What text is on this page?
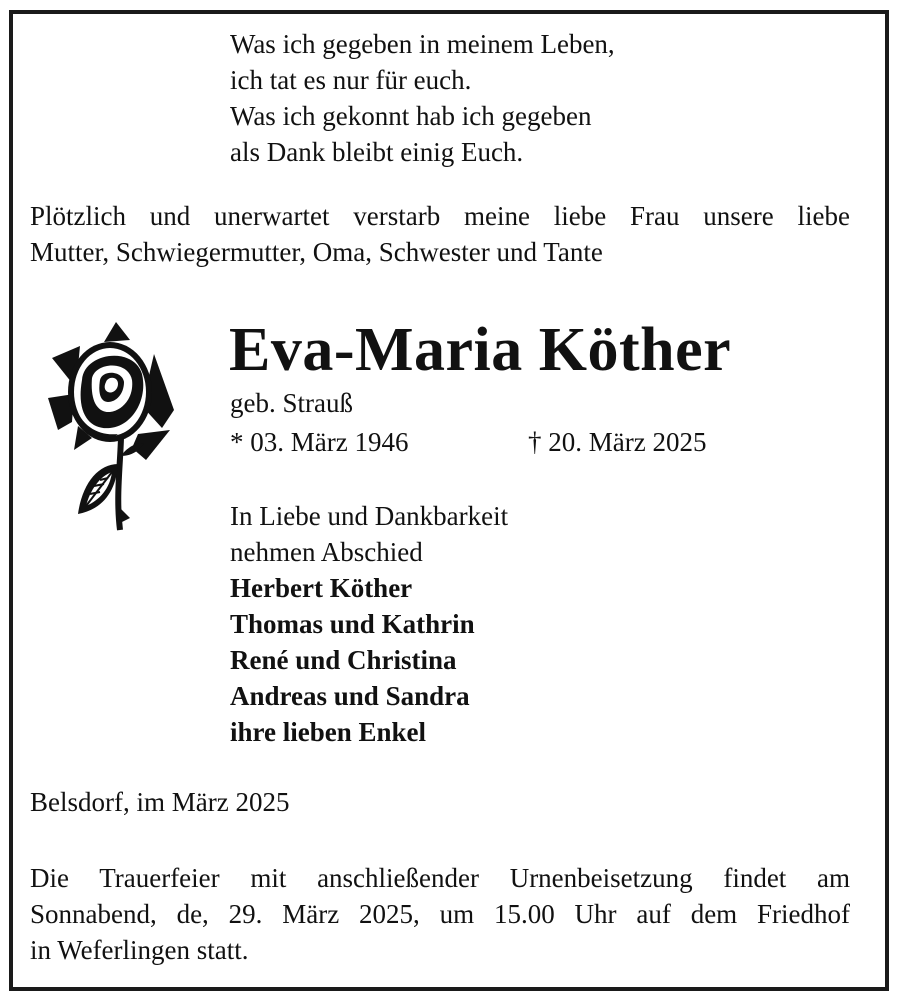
Was ich gegeben in meinem Leben,
ich tat es nur für euch.
Was ich gekonnt hab ich gegeben
als Dank bleibt einig Euch.
Plötzlich und unerwartet verstarb meine liebe Frau unsere liebe
Mutter, Schwiegermutter, Oma, Schwester und Tante
Eva-Maria Köther
geb. Strauß
* 03. März 1946	† 20. März 2025
In Liebe und Dankbarkeit
nehmen Abschied
Herbert Köther
Thomas und Kathrin
René und Christina
Andreas und Sandra
ihre lieben Enkel
Belsdorf, im März 2025
Die Trauerfeier mit anschließender Urnenbeisetzung findet am
Sonnabend, de, 29. März 2025, um 15.00 Uhr auf dem Friedhof
in Weferlingen statt.
